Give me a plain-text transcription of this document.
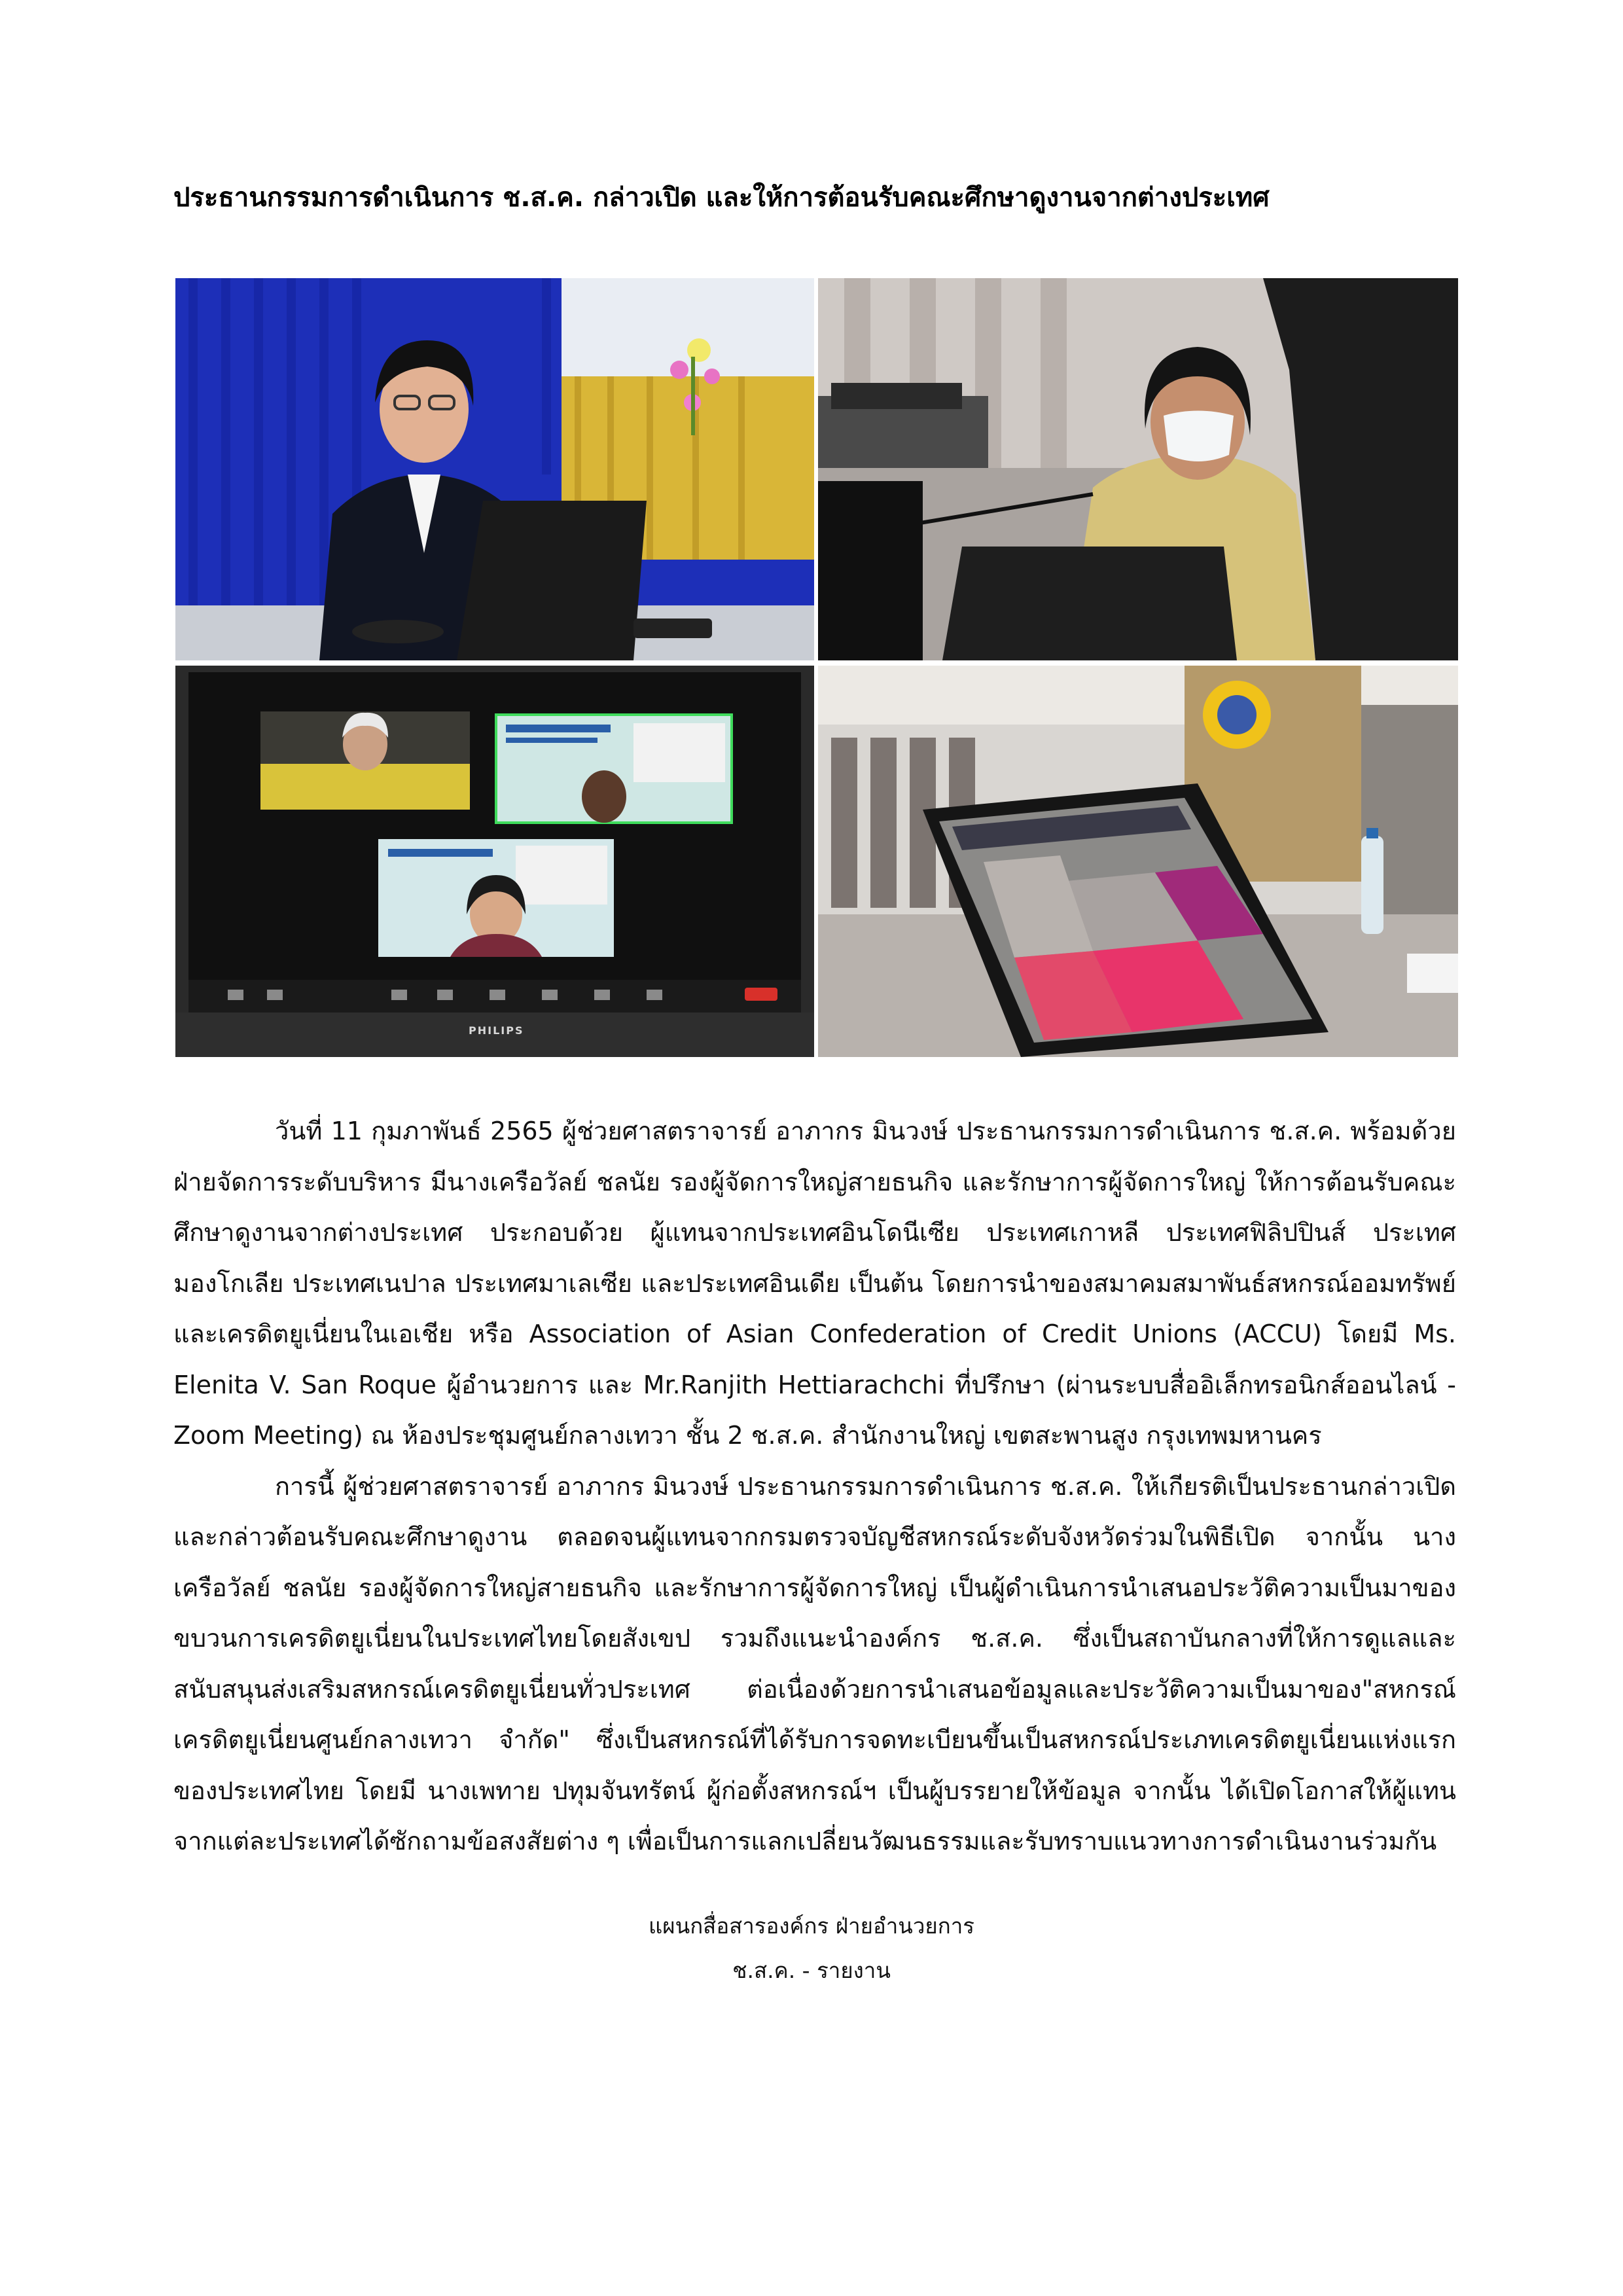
ประธานกรรมการดำเนินการ ช.ส.ค. กล่าวเปิด และให้การต้อนรับคณะศึกษาดูงานจากต่างประเทศ
PHILIPS

วันที่ 11 กุมภาพันธ์ 2565 ผู้ช่วยศาสตราจารย์ อาภากร มินวงษ์ ประธานกรรมการดำเนินการ ช.ส.ค. พร้อมด้วยฝ่ายจัดการระดับบริหาร มีนางเครือวัลย์ ชลนัย รองผู้จัดการใหญ่สายธนกิจ และรักษาการผู้จัดการใหญ่ ให้การต้อนรับคณะศึกษาดูงานจากต่างประเทศ ประกอบด้วย ผู้แทนจากประเทศอินโดนีเซีย ประเทศเกาหลี ประเทศฟิลิปปินส์ ประเทศมองโกเลีย ประเทศเนปาล ประเทศมาเลเซีย และประเทศอินเดีย เป็นต้น โดยการนำของสมาคมสมาพันธ์สหกรณ์ออมทรัพย์และเครดิตยูเนี่ยนในเอเชีย หรือ Association of Asian Confederation of Credit Unions (ACCU) โดยมี Ms. Elenita V. San Roque ผู้อำนวยการ และ Mr.Ranjith Hettiarachchi ที่ปรึกษา (ผ่านระบบสื่ออิเล็กทรอนิกส์ออนไลน์ - Zoom Meeting) ณ ห้องประชุมศูนย์กลางเทวา ชั้น 2 ช.ส.ค. สำนักงานใหญ่ เขตสะพานสูง กรุงเทพมหานคร

การนี้ ผู้ช่วยศาสตราจารย์ อาภากร มินวงษ์ ประธานกรรมการดำเนินการ ช.ส.ค. ให้เกียรติเป็นประธานกล่าวเปิดและกล่าวต้อนรับคณะศึกษาดูงาน ตลอดจนผู้แทนจากกรมตรวจบัญชีสหกรณ์ระดับจังหวัดร่วมในพิธีเปิด จากนั้น นางเครือวัลย์ ชลนัย รองผู้จัดการใหญ่สายธนกิจ และรักษาการผู้จัดการใหญ่ เป็นผู้ดำเนินการนำเสนอประวัติความเป็นมาของขบวนการเครดิตยูเนี่ยนในประเทศไทยโดยสังเขป รวมถึงแนะนำองค์กร ช.ส.ค. ซึ่งเป็นสถาบันกลางที่ให้การดูแลและสนับสนุนส่งเสริมสหกรณ์เครดิตยูเนี่ยนทั่วประเทศ ต่อเนื่องด้วยการนำเสนอข้อมูลและประวัติความเป็นมาของ"สหกรณ์เครดิตยูเนี่ยนศูนย์กลางเทวา จำกัด" ซึ่งเป็นสหกรณ์ที่ได้รับการจดทะเบียนขึ้นเป็นสหกรณ์ประเภทเครดิตยูเนี่ยนแห่งแรกของประเทศไทย โดยมี นางเพทาย ปทุมจันทรัตน์ ผู้ก่อตั้งสหกรณ์ฯ เป็นผู้บรรยายให้ข้อมูล จากนั้น ได้เปิดโอกาสให้ผู้แทนจากแต่ละประเทศได้ซักถามข้อสงสัยต่าง ๆ เพื่อเป็นการแลกเปลี่ยนวัฒนธรรมและรับทราบแนวทางการดำเนินงานร่วมกัน

แผนกสื่อสารองค์กร ฝ่ายอำนวยการ
ช.ส.ค. - รายงาน
